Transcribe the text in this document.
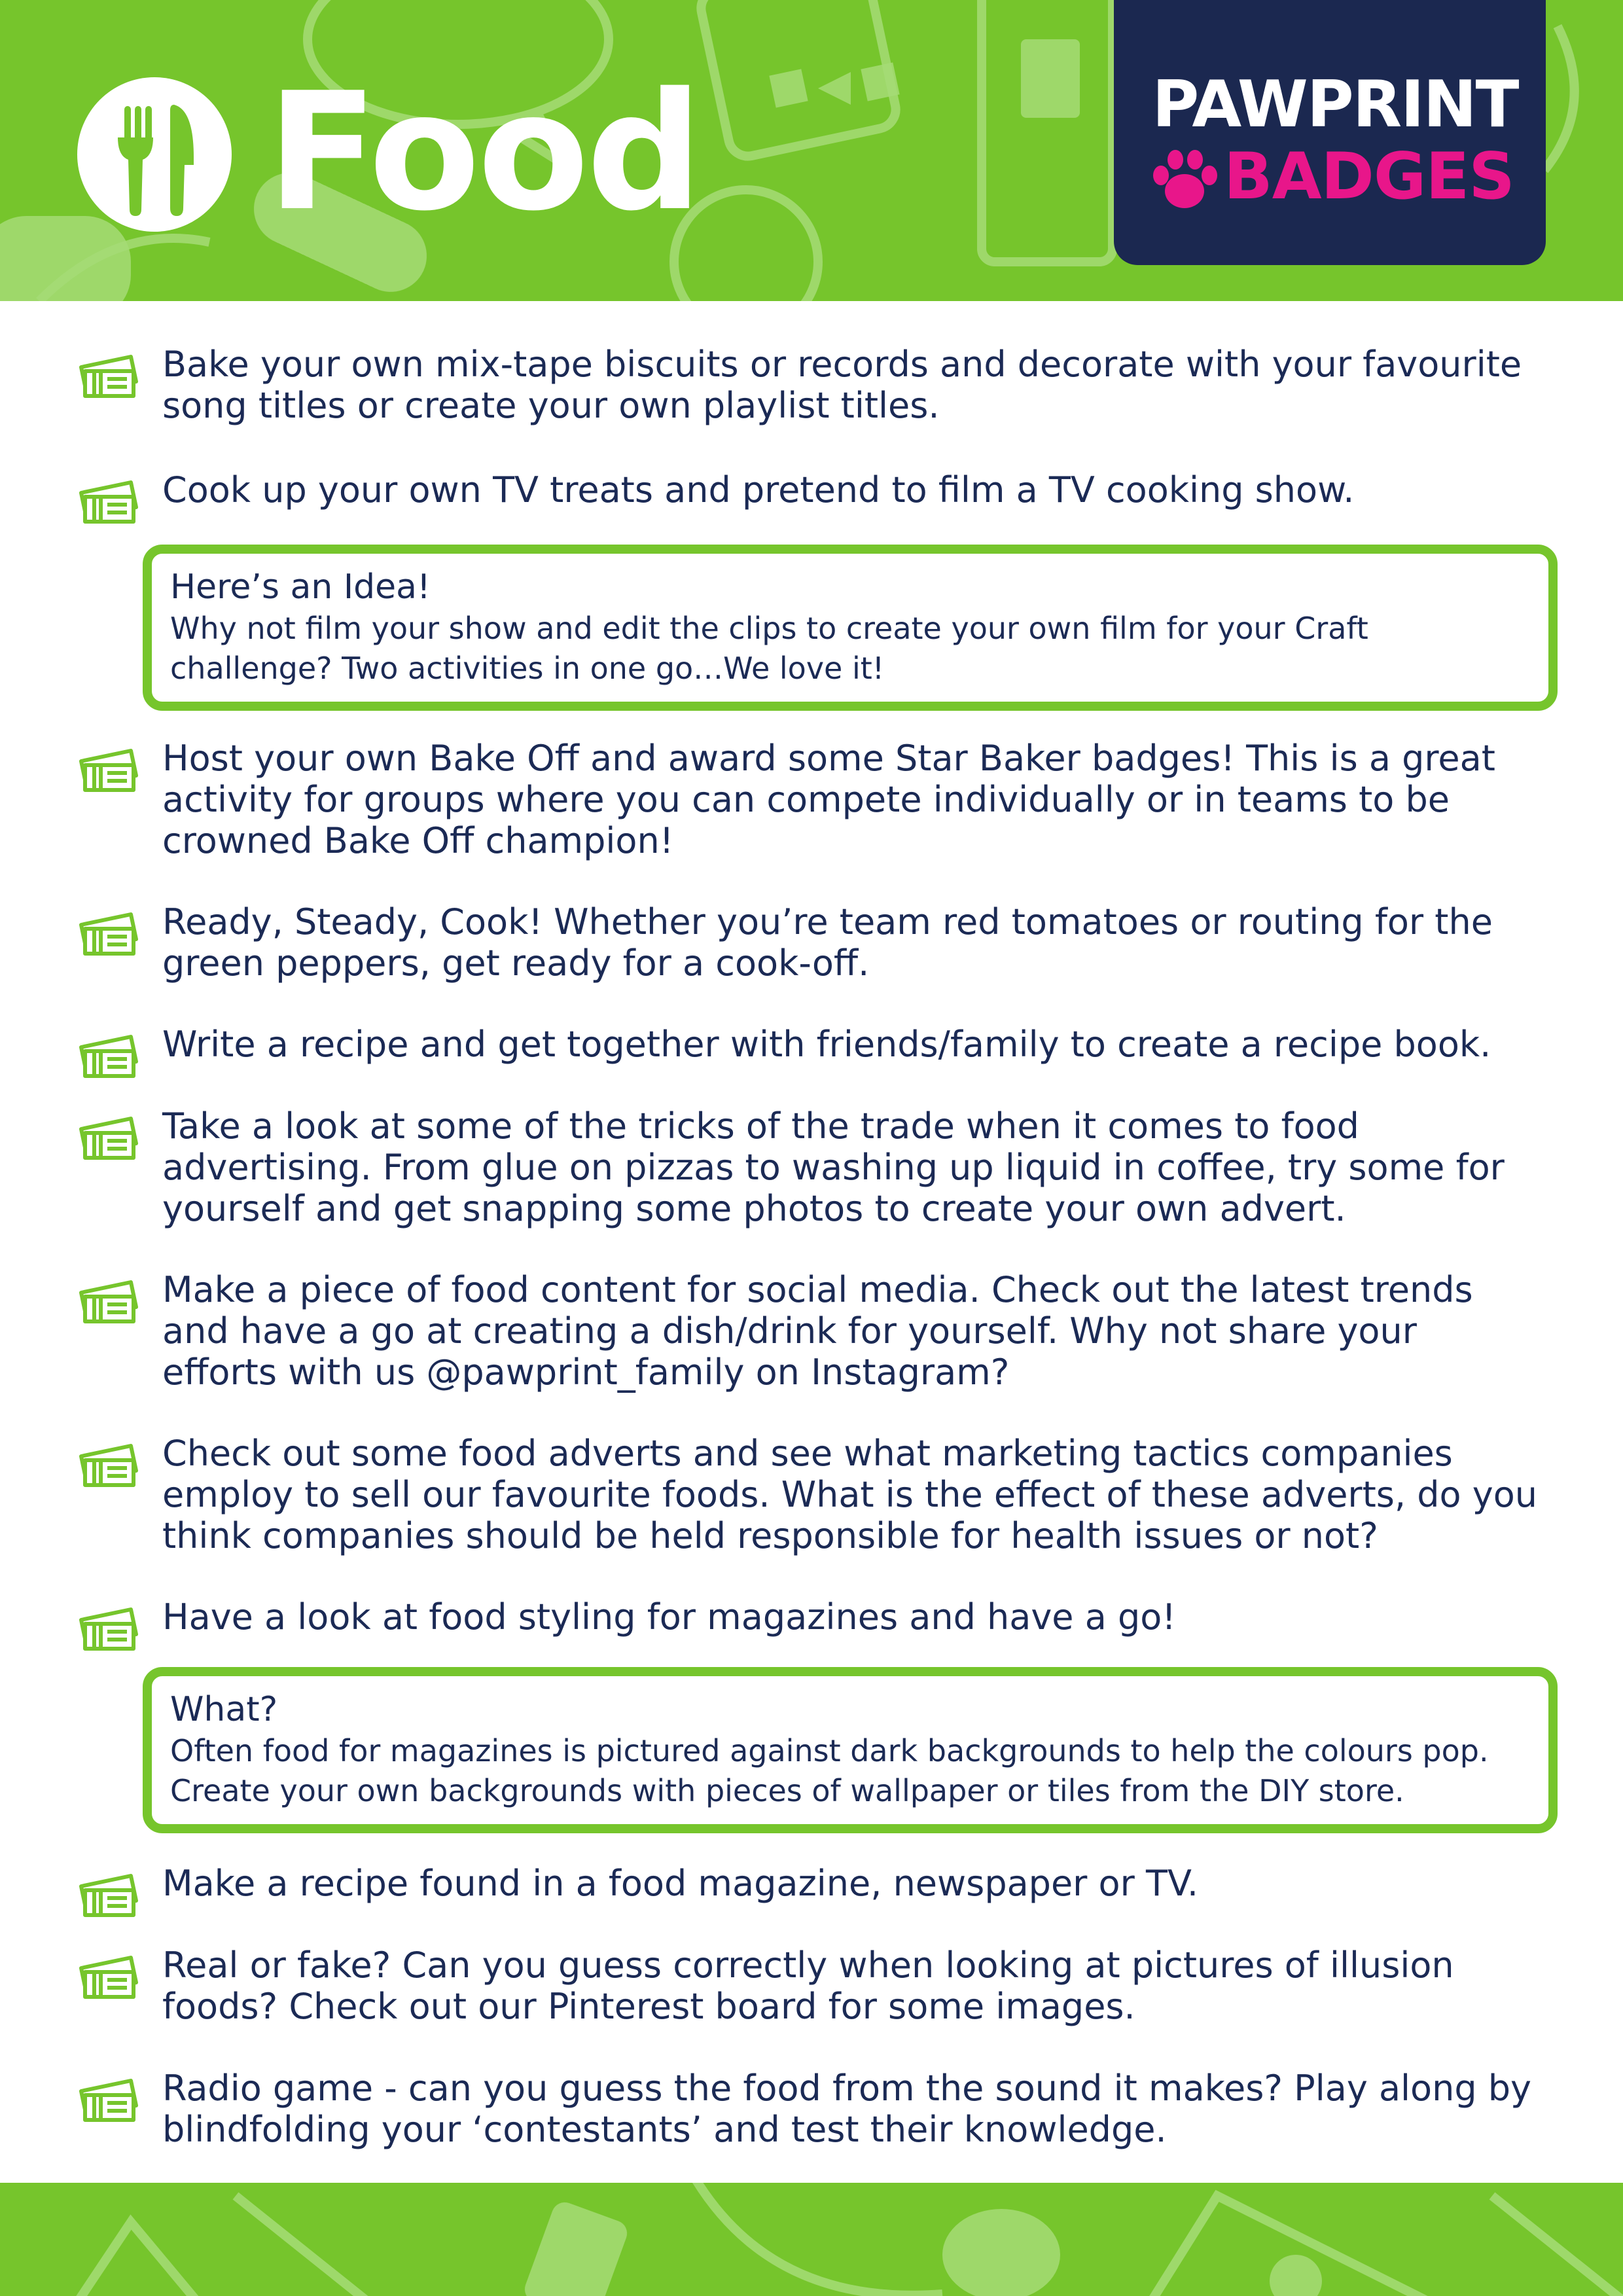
Food	PAWPRINT
BADGES
Bake your own mix-tape biscuits or records and decorate with your favourite
song titles or create your own playlist titles.
Cook up your own TV treats and pretend to film a TV cooking show.
Here’s an Idea!
Why not film your show and edit the clips to create your own film for your Craft
challenge? Two activities in one go…We love it!
Host your own Bake Off and award some Star Baker badges! This is a great
activity for groups where you can compete individually or in teams to be
crowned Bake Off champion!
Ready, Steady, Cook! Whether you’re team red tomatoes or routing for the
green peppers, get ready for a cook-off.
Write a recipe and get together with friends/family to create a recipe book.
Take a look at some of the tricks of the trade when it comes to food
advertising. From glue on pizzas to washing up liquid in coffee, try some for
yourself and get snapping some photos to create your own advert.
Make a piece of food content for social media. Check out the latest trends
and have a go at creating a dish/drink for yourself. Why not share your
efforts with us @pawprint_family on Instagram?
Check out some food adverts and see what marketing tactics companies
employ to sell our favourite foods. What is the effect of these adverts, do you
think companies should be held responsible for health issues or not?
Have a look at food styling for magazines and have a go!
What?
Often food for magazines is pictured against dark backgrounds to help the colours pop.
Create your own backgrounds with pieces of wallpaper or tiles from the DIY store.
Make a recipe found in a food magazine, newspaper or TV.
Real or fake? Can you guess correctly when looking at pictures of illusion
foods? Check out our Pinterest board for some images.
Radio game - can you guess the food from the sound it makes? Play along by
blindfolding your ‘contestants’ and test their knowledge.
